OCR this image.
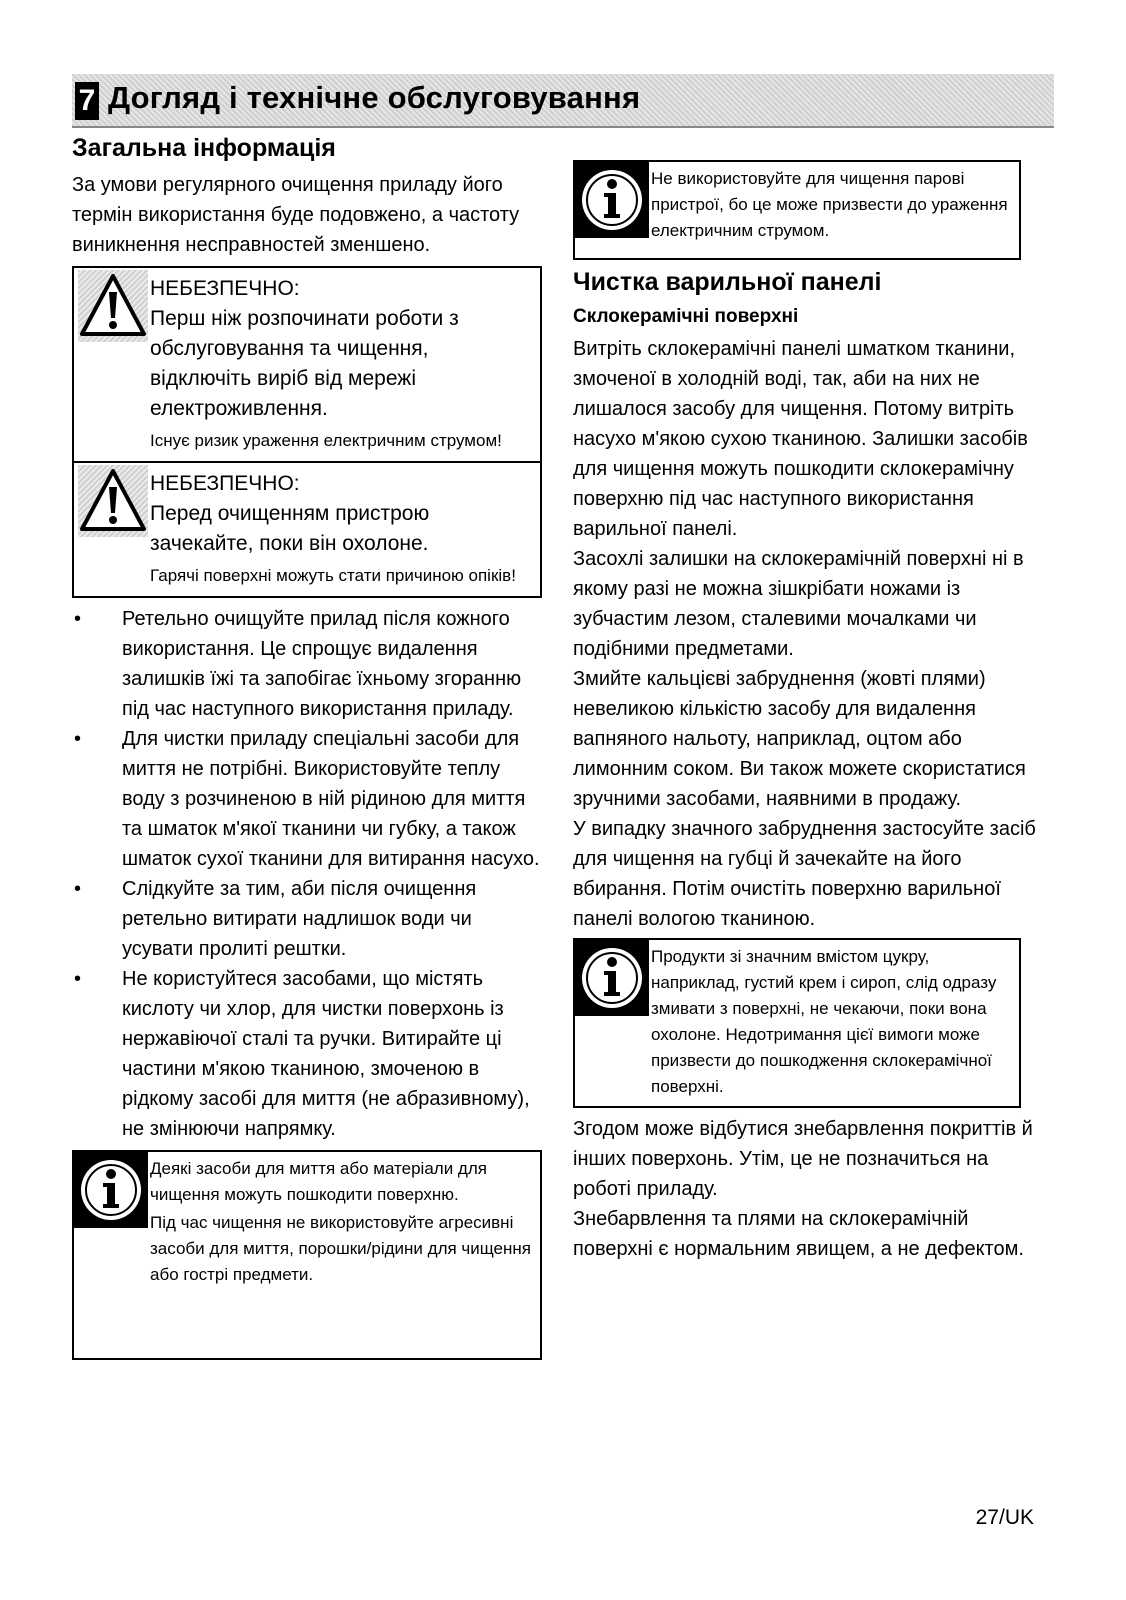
7 Догляд і технічне обслуговування
Загальна інформація

За умови регулярного очищення приладу його термін використання буде подовжено, а частоту виникнення несправностей зменшено.

НЕБЕЗПЕЧНО:
Перш ніж розпочинати роботи з обслуговування та чищення, відключіть виріб від мережі електроживлення.
Існує ризик ураження електричним струмом!
НЕБЕЗПЕЧНО:
Перед очищенням пристрою зачекайте, поки він охолоне.
Гарячі поверхні можуть стати причиною опіків!
• Ретельно очищуйте прилад після кожного використання. Це спрощує видалення залишків їжі та запобігає їхньому згоранню під час наступного використання приладу.
• Для чистки приладу спеціальні засоби для миття не потрібні. Використовуйте теплу воду з розчиненою в ній рідиною для миття та шматок м'якої тканини чи губку, а також шматок сухої тканини для витирання насухо.
• Слідкуйте за тим, аби після очищення ретельно витирати надлишок води чи усувати пролиті рештки.
• Не користуйтеся засобами, що містять кислоту чи хлор, для чистки поверхонь із нержавіючої сталі та ручки. Витирайте ці частини м'якою тканиною, змоченою в рідкому засобі для миття (не абразивному), не змінюючи напрямку.
Деякі засоби для миття або матеріали для чищення можуть пошкодити поверхню.
Під час чищення не використовуйте агресивні засоби для миття, порошки/рідини для чищення або гострі предмети.
Не використовуйте для чищення парові пристрої, бо це може призвести до ураження електричним струмом.
Чистка варильної панелі
Склокерамічні поверхні

Витріть склокерамічні панелі шматком тканини, змоченої в холодній воді, так, аби на них не лишалося засобу для чищення. Потому витріть насухо м'якою сухою тканиною. Залишки засобів для чищення можуть пошкодити склокерамічну поверхню під час наступного використання варильної панелі.

Засохлі залишки на склокерамічній поверхні ні в якому разі не можна зішкрібати ножами із зубчастим лезом, сталевими мочалками чи подібними предметами.

Змийте кальцієві забруднення (жовті плями) невеликою кількістю засобу для видалення вапняного нальоту, наприклад, оцтом або лимонним соком. Ви також можете скористатися зручними засобами, наявними в продажу.

У випадку значного забруднення застосуйте засіб для чищення на губці й зачекайте на його вбирання. Потім очистіть поверхню варильної панелі вологою тканиною.

Продукти зі значним вмістом цукру, наприклад, густий крем і сироп, слід одразу змивати з поверхні, не чекаючи, поки вона охолоне. Недотримання цієї вимоги може призвести до пошкодження склокерамічної поверхні.

Згодом може відбутися знебарвлення покриттів й інших поверхонь. Утім, це не позначиться на роботі приладу.

Знебарвлення та плями на склокерамічній поверхні є нормальним явищем, а не дефектом.

27/UK
